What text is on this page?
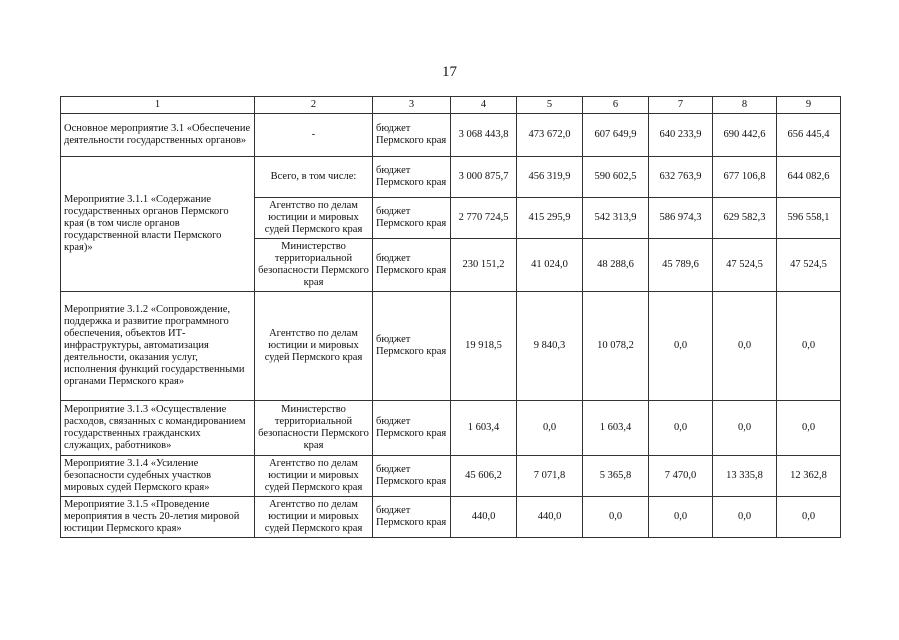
17
1	2	3	4	5	6	7	8	9
Основное мероприятие 3.1 «Обеспечение деятельности государственных органов»	-	бюджет Пермского края	3 068 443,8	473 672,0	607 649,9	640 233,9	690 442,6	656 445,4
Мероприятие 3.1.1 «Содержание государственных органов Пермского края (в том числе органов государственной власти Пермского края)»	Всего, в том числе:	бюджет Пермского края	3 000 875,7	456 319,9	590 602,5	632 763,9	677 106,8	644 082,6
	Агентство по делам юстиции и мировых судей Пермского края	бюджет Пермского края	2 770 724,5	415 295,9	542 313,9	586 974,3	629 582,3	596 558,1
	Министерство территориальной безопасности Пермского края	бюджет Пермского края	230 151,2	41 024,0	48 288,6	45 789,6	47 524,5	47 524,5
Мероприятие 3.1.2 «Сопровождение, поддержка и развитие программного обеспечения, объектов ИТ-инфраструктуры, автоматизация деятельности, оказания услуг, исполнения функций государственными органами Пермского края»	Агентство по делам юстиции и мировых судей Пермского края	бюджет Пермского края	19 918,5	9 840,3	10 078,2	0,0	0,0	0,0
Мероприятие 3.1.3 «Осуществление расходов, связанных с командированием государственных гражданских служащих, работников»	Министерство территориальной безопасности Пермского края	бюджет Пермского края	1 603,4	0,0	1 603,4	0,0	0,0	0,0
Мероприятие 3.1.4 «Усиление безопасности судебных участков мировых судей Пермского края»	Агентство по делам юстиции и мировых судей Пермского края	бюджет Пермского края	45 606,2	7 071,8	5 365,8	7 470,0	13 335,8	12 362,8
Мероприятие 3.1.5 «Проведение мероприятия в честь 20-летия мировой юстиции Пермского края»	Агентство по делам юстиции и мировых судей Пермского края	бюджет Пермского края	440,0	440,0	0,0	0,0	0,0	0,0
